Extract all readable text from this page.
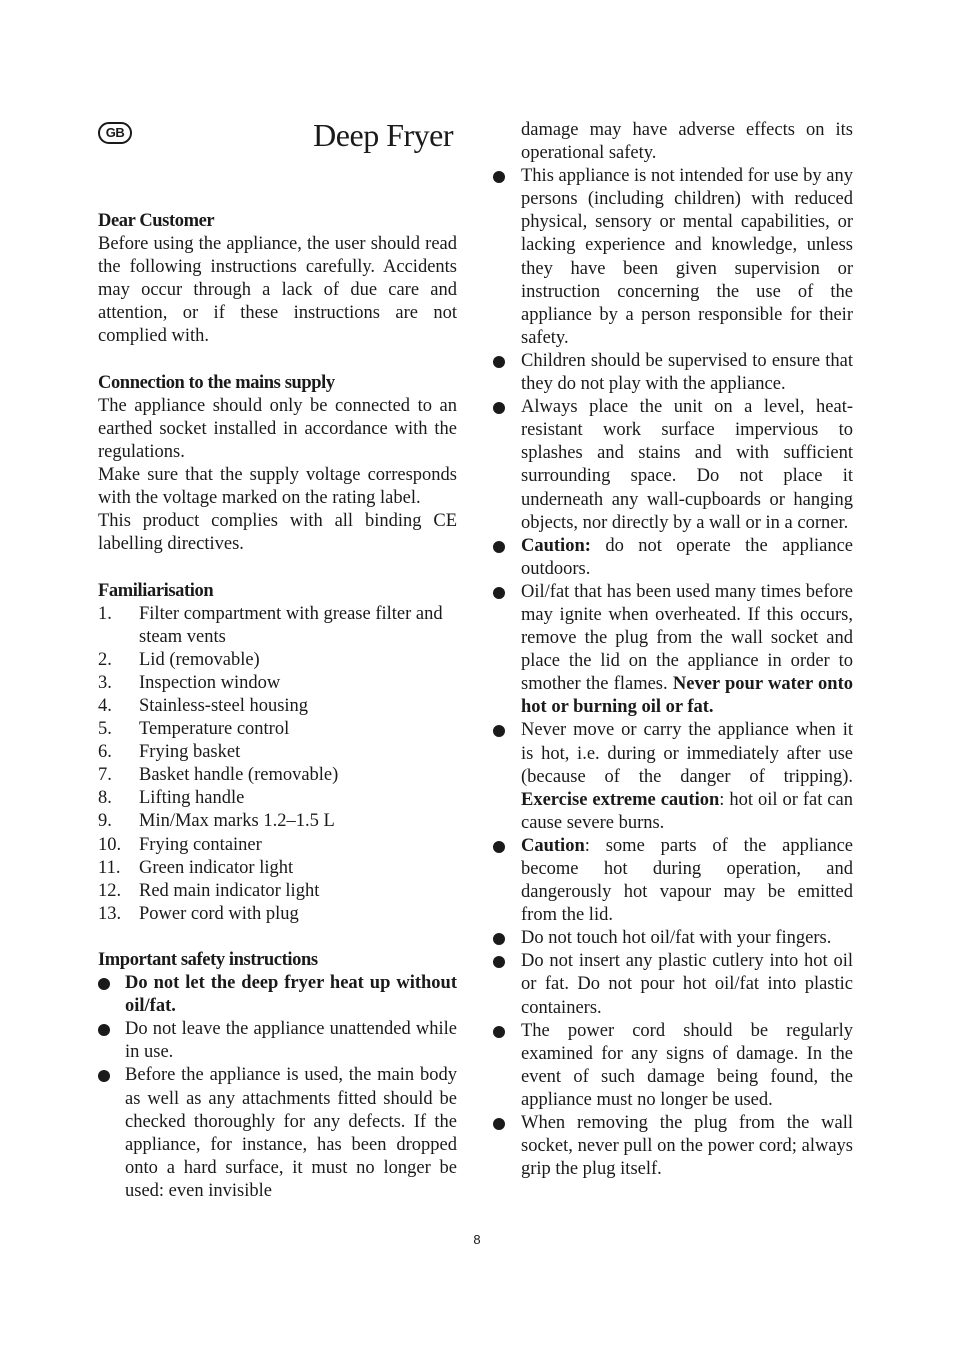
GB	Deep Fryer
Dear Customer

Before using the appliance, the user should read the following instructions carefully. Accidents may occur through a lack of due care and attention, or if these instructions are not complied with.

Connection to the mains supply

The appliance should only be connected to an earthed socket installed in accordance with the regulations.

Make sure that the supply voltage corresponds with the voltage marked on the rating label.

This product complies with all binding CE labelling directives.

Familiarisation
1.	Filter compartment with grease filter and steam vents
2.	Lid (removable)
3.	Inspection window
4.	Stainless-steel housing
5.	Temperature control
6.	Frying basket
7.	Basket handle (removable)
8.	Lifting handle
9.	Min/Max marks 1.2–1.5 L
10. Frying container
11.	Green indicator light
12. Red main indicator light
13. Power cord with plug
Important safety instructions
Do not let the deep fryer heat up without oil/fat.
Do not leave the appliance unattended while in use.
Before the appliance is used, the main body as well as any attachments fitted should be checked thoroughly for any defects. If the appliance, for instance, has been dropped onto a hard surface, it must no longer be used: even invisible

damage may have adverse effects on its operational safety.

This appliance is not intended for use by any persons (including children) with reduced physical, sensory or mental capabilities, or lacking experience and knowledge, unless they have been given supervision or instruction concerning the use of the appliance by a person responsible for their safety.
Children should be supervised to ensure that they do not play with the appliance.
Always place the unit on a level, heat-resistant work surface impervious to splashes and stains and with sufficient surrounding space. Do not place it underneath any wall-cupboards or hanging objects, nor directly by a wall or in a corner.
Caution: do not operate the appliance outdoors.
Oil/fat that has been used many times before may ignite when overheated. If this occurs, remove the plug from the wall socket and place the lid on the appliance in order to smother the flames. Never pour water onto hot or burning oil or fat.
Never move or carry the appliance when it is hot, i.e. during or immediately after use (because of the danger of tripping). Exercise extreme caution: hot oil or fat can cause severe burns.
Caution: some parts of the appliance become hot during operation, and dangerously hot vapour may be emitted from the lid.
Do not touch hot oil/fat with your fingers.
Do not insert any plastic cutlery into hot oil or fat. Do not pour hot oil/fat into plastic containers.
The power cord should be regularly examined for any signs of damage. In the event of such damage being found, the appliance must no longer be used.
When removing the plug from the wall socket, never pull on the power cord; always grip the plug itself.
8
